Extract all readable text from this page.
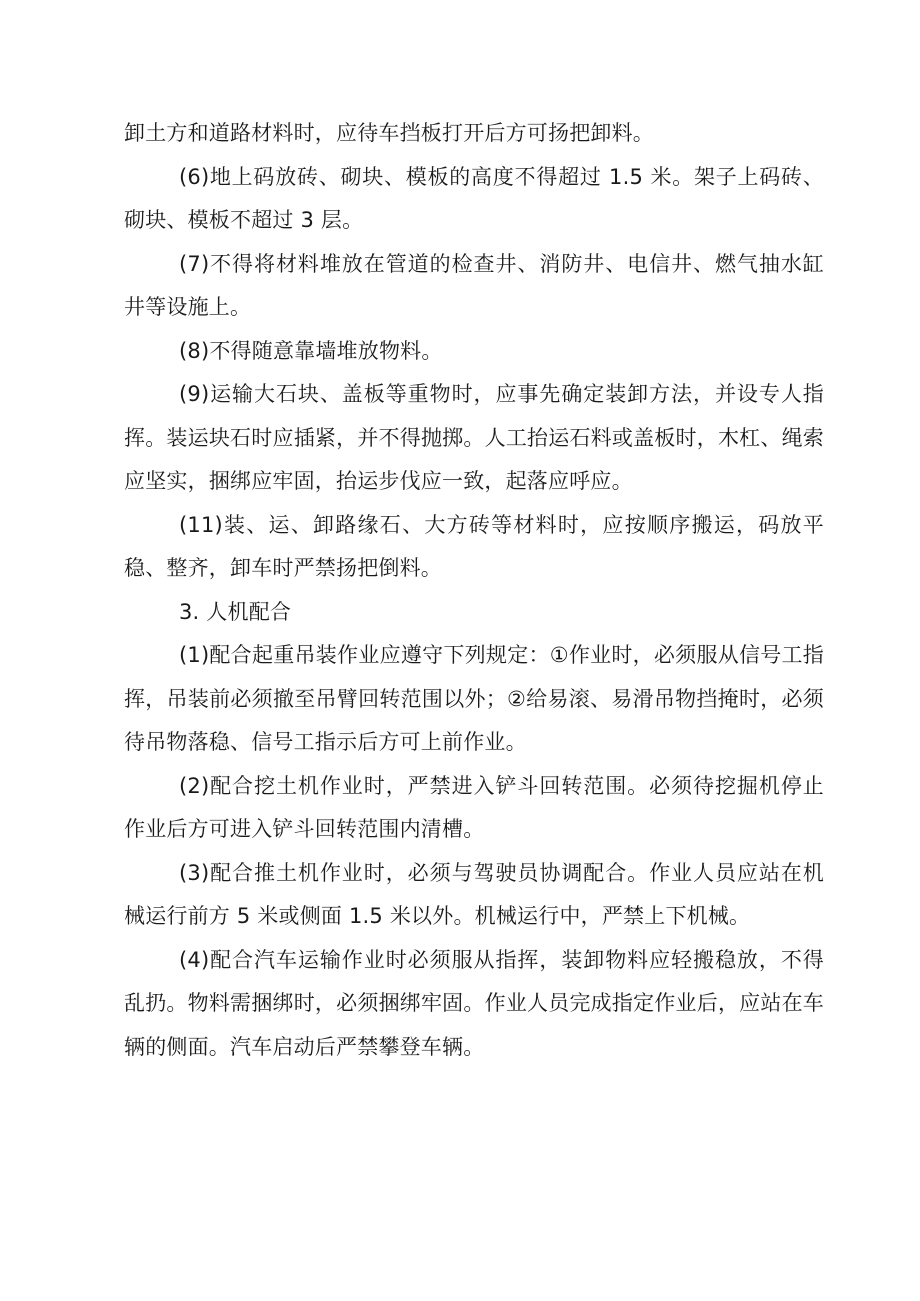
卸土方和道路材料时，应待车挡板打开后方可扬把卸料。

(6)地上码放砖、砌块、模板的高度不得超过 1.5 米。架子上码砖、砌块、模板不超过 3 层。

(7)不得将材料堆放在管道的检查井、消防井、电信井、燃气抽水缸井等设施上。

(8)不得随意靠墙堆放物料。

(9)运输大石块、盖板等重物时，应事先确定装卸方法，并设专人指挥。装运块石时应插紧，并不得抛掷。人工抬运石料或盖板时，木杠、绳索应坚实，捆绑应牢固，抬运步伐应一致，起落应呼应。

(11)装、运、卸路缘石、大方砖等材料时，应按顺序搬运，码放平稳、整齐，卸车时严禁扬把倒料。

3. 人机配合

(1)配合起重吊装作业应遵守下列规定：①作业时，必须服从信号工指挥，吊装前必须撤至吊臂回转范围以外；②给易滚、易滑吊物挡掩时，必须待吊物落稳、信号工指示后方可上前作业。

(2)配合挖土机作业时，严禁进入铲斗回转范围。必须待挖掘机停止作业后方可进入铲斗回转范围内清槽。

(3)配合推土机作业时，必须与驾驶员协调配合。作业人员应站在机械运行前方 5 米或侧面 1.5 米以外。机械运行中，严禁上下机械。

(4)配合汽车运输作业时必须服从指挥，装卸物料应轻搬稳放，不得乱扔。物料需捆绑时，必须捆绑牢固。作业人员完成指定作业后，应站在车辆的侧面。汽车启动后严禁攀登车辆。
